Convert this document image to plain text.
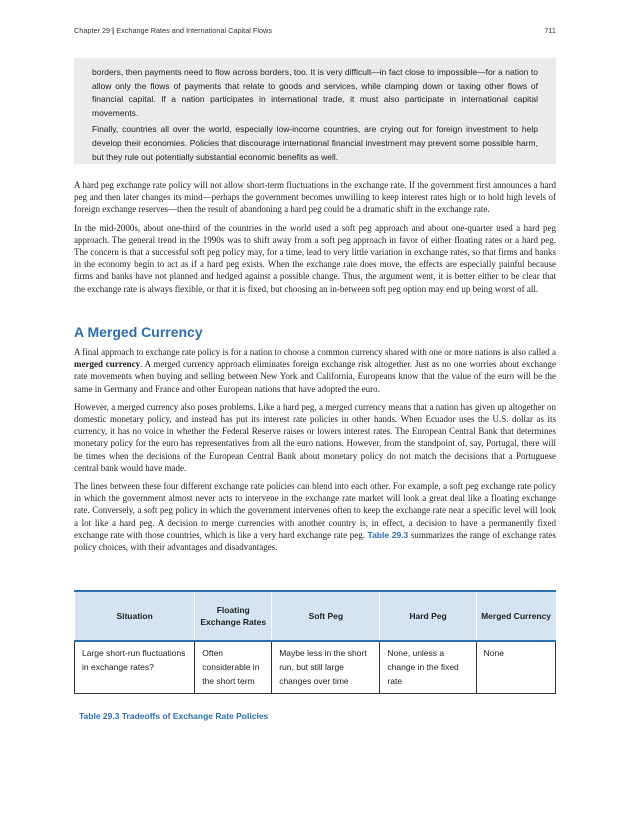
Chapter 29 | Exchange Rates and International Capital Flows	711

borders, then payments need to flow across borders, too. It is very difficult—in fact close to impossible—for a nation to allow only the flows of payments that relate to goods and services, while clamping down or taxing other flows of financial capital. If a nation participates in international trade, it must also participate in international capital movements.

Finally, countries all over the world, especially low-income countries, are crying out for foreign investment to help develop their economies. Policies that discourage international financial investment may prevent some possible harm, but they rule out potentially substantial economic benefits as well.

A hard peg exchange rate policy will not allow short-term fluctuations in the exchange rate. If the government first announces a hard peg and then later changes its mind—perhaps the government becomes unwilling to keep interest rates high or to hold high levels of foreign exchange reserves—then the result of abandoning a hard peg could be a dramatic shift in the exchange rate.

In the mid-2000s, about one-third of the countries in the world used a soft peg approach and about one-quarter used a hard peg approach. The general trend in the 1990s was to shift away from a soft peg approach in favor of either floating rates or a hard peg. The concern is that a successful soft peg policy may, for a time, lead to very little variation in exchange rates, so that firms and banks in the economy begin to act as if a hard peg exists. When the exchange rate does move, the effects are especially painful because firms and banks have not planned and hedged against a possible change. Thus, the argument went, it is better either to be clear that the exchange rate is always flexible, or that it is fixed, but choosing an in-between soft peg option may end up being worst of all.

A Merged Currency

A final approach to exchange rate policy is for a nation to choose a common currency shared with one or more nations is also called a merged currency. A merged currency approach eliminates foreign exchange risk altogether. Just as no one worries about exchange rate movements when buying and selling between New York and California, Europeans know that the value of the euro will be the same in Germany and France and other European nations that have adopted the euro.

However, a merged currency also poses problems. Like a hard peg, a merged currency means that a nation has given up altogether on domestic monetary policy, and instead has put its interest rate policies in other hands. When Ecuador uses the U.S. dollar as its currency, it has no voice in whether the Federal Reserve raises or lowers interest rates. The European Central Bank that determines monetary policy for the euro has representatives from all the euro nations. However, from the standpoint of, say, Portugal, there will be times when the decisions of the European Central Bank about monetary policy do not match the decisions that a Portuguese central bank would have made.

The lines between these four different exchange rate policies can blend into each other. For example, a soft peg exchange rate policy in which the government almost never acts to intervene in the exchange rate market will look a great deal like a floating exchange rate. Conversely, a soft peg policy in which the government intervenes often to keep the exchange rate near a specific level will look a lot like a hard peg. A decision to merge currencies with another country is, in effect, a decision to have a permanently fixed exchange rate with those countries, which is like a very hard exchange rate peg. Table 29.3 summarizes the range of exchange rates policy choices, with their advantages and disadvantages.

Situation	Floating Exchange Rates	Soft Peg	Hard Peg	Merged Currency
Large short-run fluctuations in exchange rates?	Often considerable in the short term	Maybe less in the short run, but still large changes over time	None, unless a change in the fixed rate	None
Table 29.3 Tradeoffs of Exchange Rate Policies
